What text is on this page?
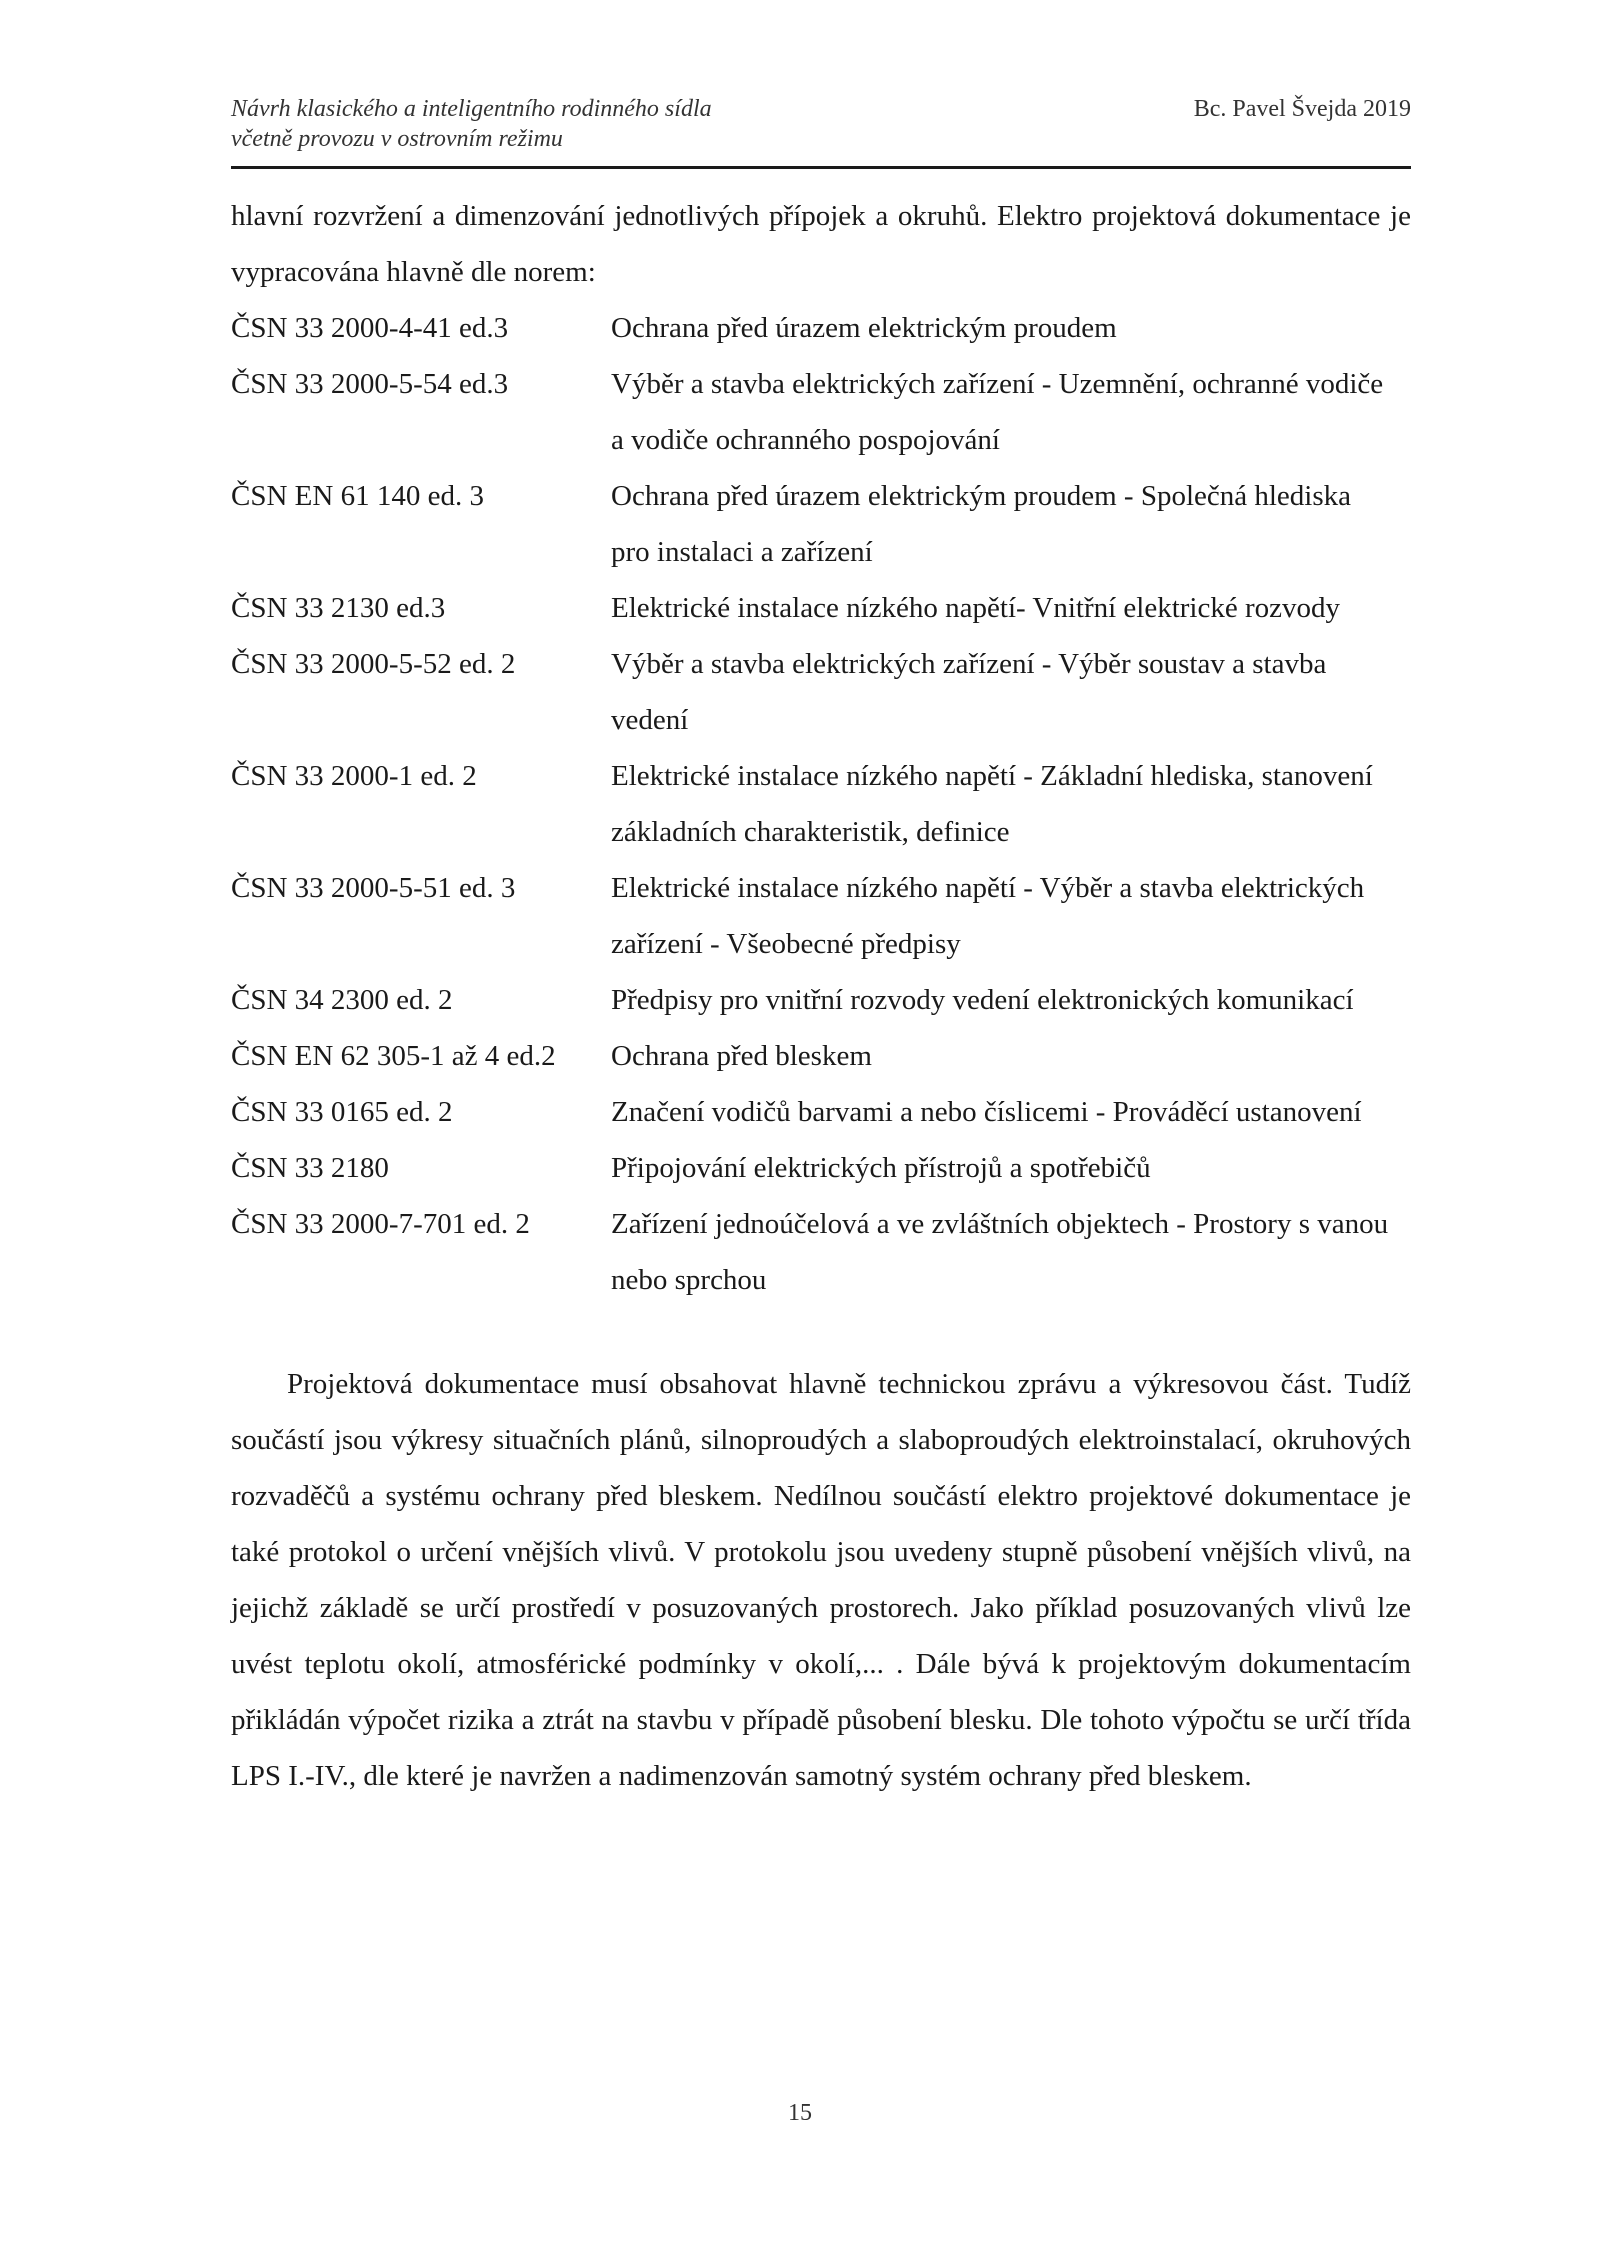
Návrh klasického a inteligentního rodinného sídla
včetně provozu v ostrovním režimu
Bc. Pavel Švejda 2019

hlavní rozvržení a dimenzování jednotlivých přípojek a okruhů. Elektro projektová dokumentace je vypracována hlavně dle norem:

ČSN 33 2000-4-41 ed.3	Ochrana před úrazem elektrickým proudem
ČSN 33 2000-5-54 ed.3	Výběr a stavba elektrických zařízení - Uzemnění, ochranné vodiče a vodiče ochranného pospojování
ČSN EN 61 140 ed. 3	Ochrana před úrazem elektrickým proudem - Společná hlediska pro instalaci a zařízení
ČSN 33 2130 ed.3	Elektrické instalace nízkého napětí- Vnitřní elektrické rozvody
ČSN 33 2000-5-52 ed. 2	Výběr a stavba elektrických zařízení - Výběr soustav a stavba vedení
ČSN 33 2000-1 ed. 2	Elektrické instalace nízkého napětí - Základní hlediska, stanovení základních charakteristik, definice
ČSN 33 2000-5-51 ed. 3	Elektrické instalace nízkého napětí - Výběr a stavba elektrických zařízení - Všeobecné předpisy
ČSN 34 2300 ed. 2	Předpisy pro vnitřní rozvody vedení elektronických komunikací
ČSN EN 62 305-1 až 4 ed.2	Ochrana před bleskem
ČSN 33 0165 ed. 2	Značení vodičů barvami a nebo číslicemi - Prováděcí ustanovení
ČSN 33 2180	Připojování elektrických přístrojů a spotřebičů
ČSN 33 2000-7-701 ed. 2	Zařízení jednoúčelová a ve zvláštních objektech - Prostory s vanou nebo sprchou

Projektová dokumentace musí obsahovat hlavně technickou zprávu a výkresovou část. Tudíž součástí jsou výkresy situačních plánů, silnoproudých a slaboproudých elektroinstalací, okruhových rozvaděčů a systému ochrany před bleskem. Nedílnou součástí elektro projektové dokumentace je také protokol o určení vnějších vlivů. V protokolu jsou uvedeny stupně působení vnějších vlivů, na jejichž základě se určí prostředí v posuzovaných prostorech. Jako příklad posuzovaných vlivů lze uvést teplotu okolí, atmosférické podmínky v okolí,... . Dále bývá k projektovým dokumentacím přikládán výpočet rizika a ztrát na stavbu v případě působení blesku. Dle tohoto výpočtu se určí třída LPS I.-IV., dle které je navržen a nadimenzován samotný systém ochrany před bleskem.

15
